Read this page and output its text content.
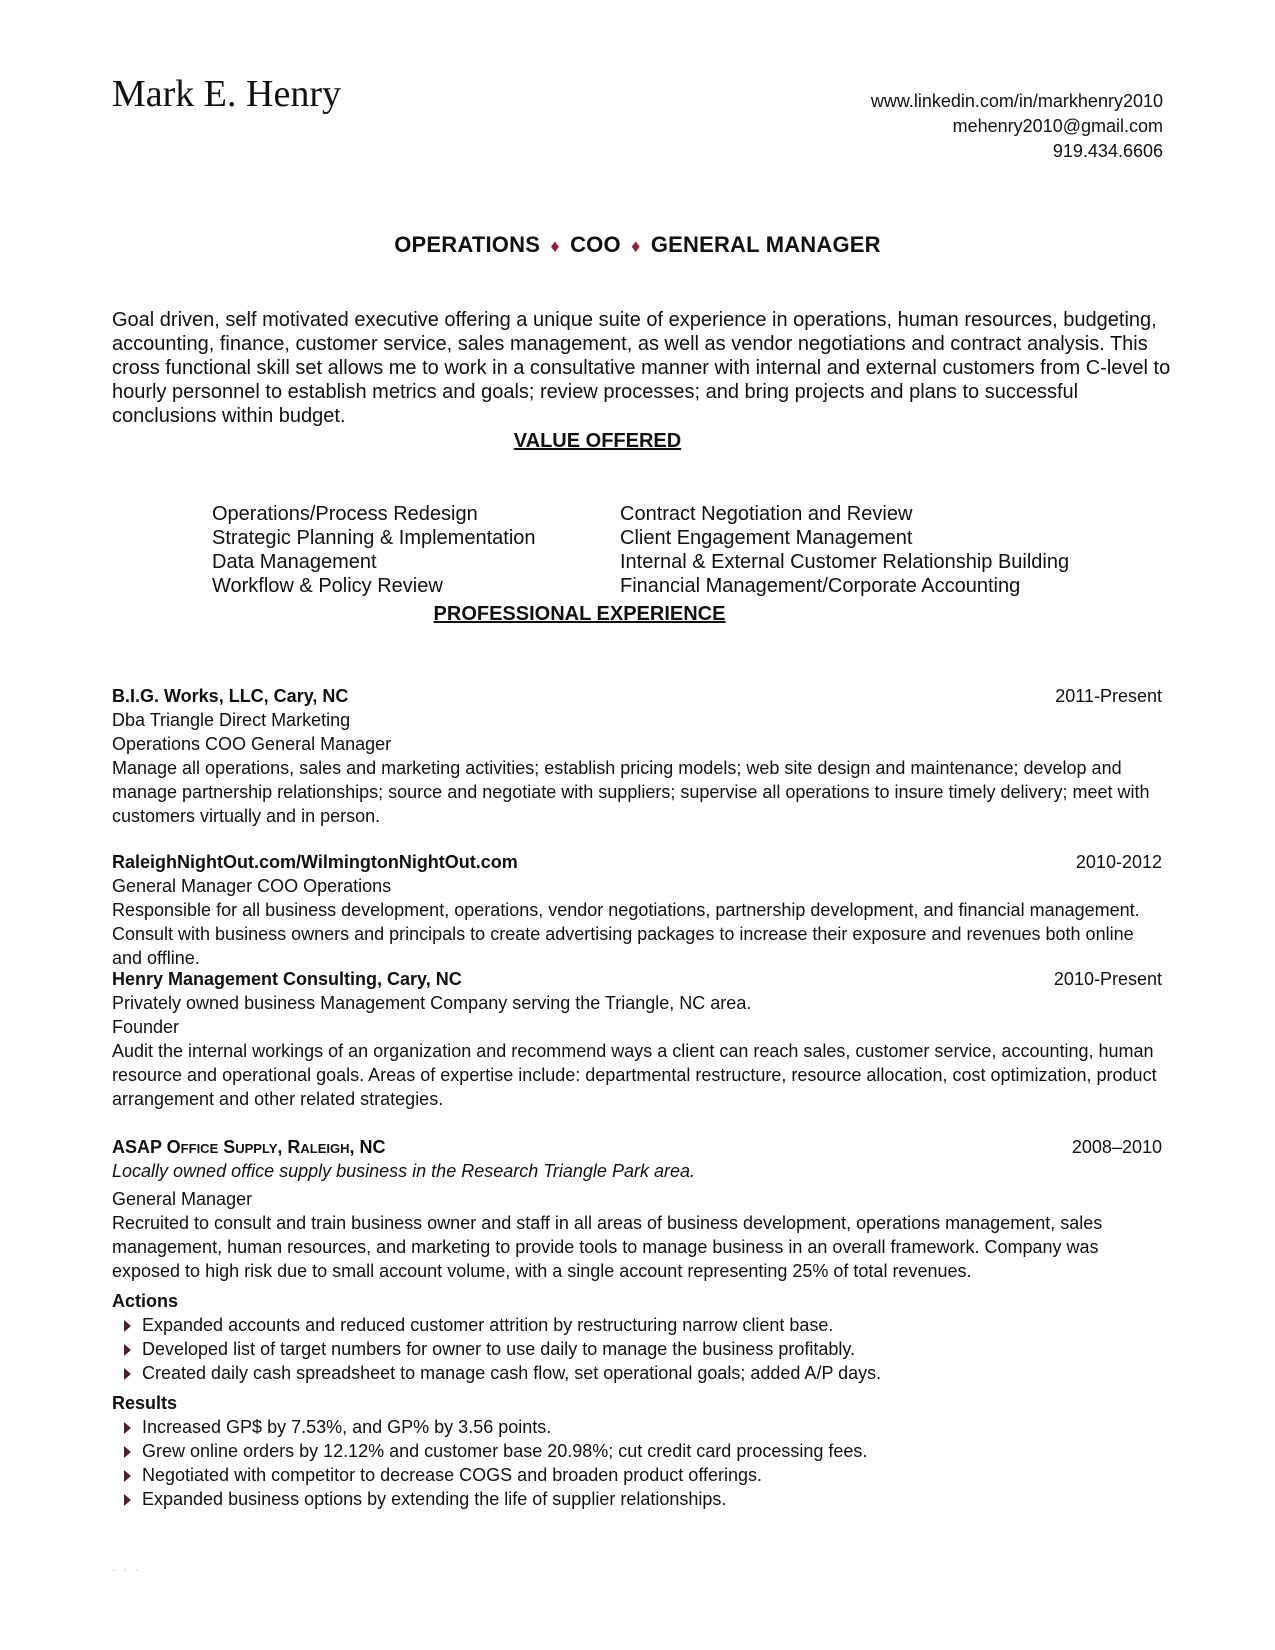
Mark E. Henry	www.linkedin.com/in/markhenry2010
mehenry2010@gmail.com
919.434.6606
OPERATIONS ♦ COO ♦ GENERAL MANAGER

Goal driven, self motivated executive offering a unique suite of experience in operations, human resources, budgeting, accounting, finance, customer service, sales management, as well as vendor negotiations and contract analysis. This cross functional skill set allows me to work in a consultative manner with internal and external customers from C-level to hourly personnel to establish metrics and goals; review processes; and bring projects and plans to successful conclusions within budget.

VALUE OFFERED
Operations/Process Redesign
Strategic Planning & Implementation
Data Management
Workflow & Policy Review
Contract Negotiation and Review
Client Engagement Management
Internal & External Customer Relationship Building
Financial Management/Corporate Accounting
PROFESSIONAL EXPERIENCE
B.I.G. Works, LLC, Cary, NC	2011-Present

Dba Triangle Direct Marketing

Operations COO General Manager

Manage all operations, sales and marketing activities; establish pricing models; web site design and maintenance; develop and manage partnership relationships; source and negotiate with suppliers; supervise all operations to insure timely delivery; meet with customers virtually and in person.

RaleighNightOut.com/WilmingtonNightOut.com	2010-2012

General Manager COO Operations

Responsible for all business development, operations, vendor negotiations, partnership development, and financial management. Consult with business owners and principals to create advertising packages to increase their exposure and revenues both online and offline.

Henry Management Consulting, Cary, NC	2010-Present

Privately owned business Management Company serving the Triangle, NC area.

Founder

Audit the internal workings of an organization and recommend ways a client can reach sales, customer service, accounting, human resource and operational goals. Areas of expertise include: departmental restructure, resource allocation, cost optimization, product arrangement and other related strategies.

ASAP Office Supply, Raleigh, NC	2008–2010

Locally owned office supply business in the Research Triangle Park area.

General Manager

Recruited to consult and train business owner and staff in all areas of business development, operations management, sales management, human resources, and marketing to provide tools to manage business in an overall framework. Company was exposed to high risk due to small account volume, with a single account representing 25% of total revenues.

Actions
Expanded accounts and reduced customer attrition by restructuring narrow client base.
Developed list of target numbers for owner to use daily to manage the business profitably.
Created daily cash spreadsheet to manage cash flow, set operational goals; added A/P days.
Results
Increased GP$ by 7.53%, and GP% by 3.56 points.
Grew online orders by 12.12% and customer base 20.98%; cut credit card processing fees.
Negotiated with competitor to decrease COGS and broaden product offerings.
Expanded business options by extending the life of supplier relationships.
· · ·
